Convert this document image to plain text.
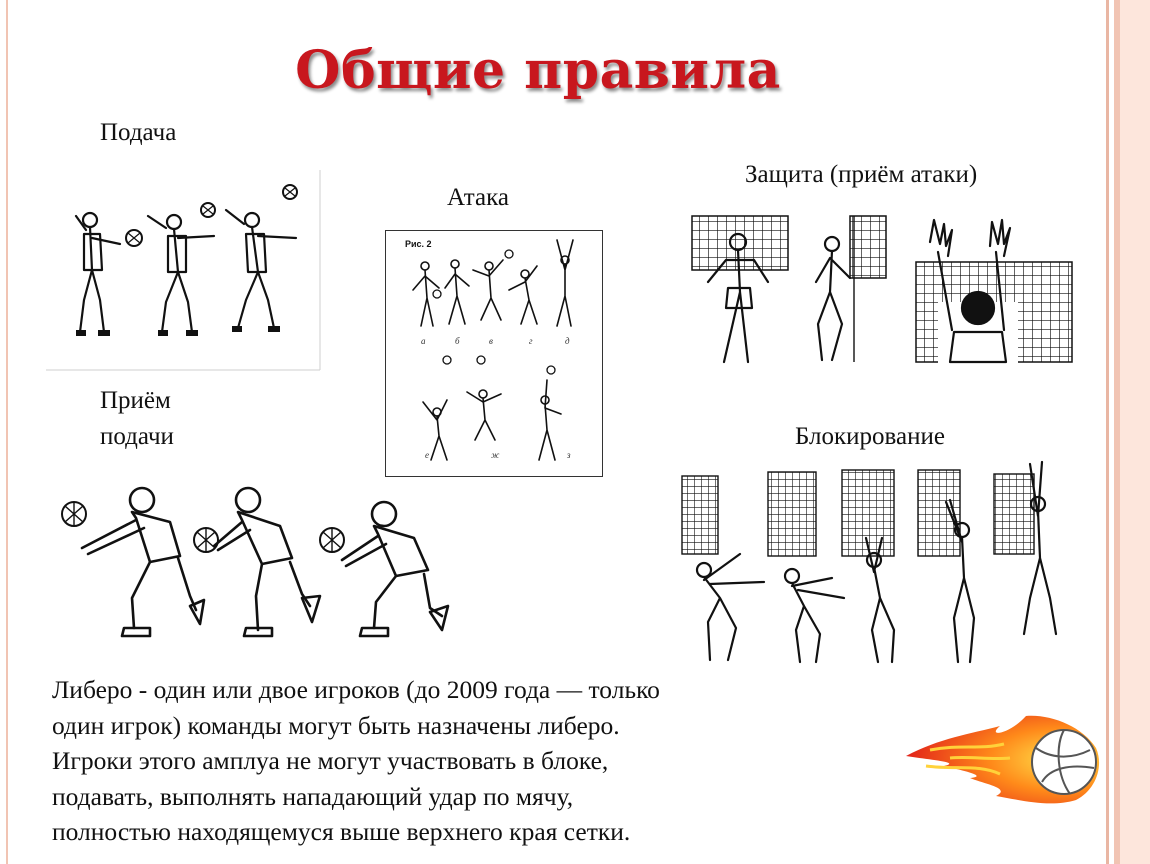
Общие правила
Подача
Атака
Рис. 2
а	б	в	г	д
е	ж	з
Защита (приём атаки)
Приём
подачи	Блокирование
Либеро - один или двое игроков (до 2009 года — только
один игрок) команды могут быть назначены либеро.
Игроки этого амплуа не могут участвовать в блоке,
подавать, выполнять нападающий удар по мячу,
полностью находящемуся выше верхнего края сетки.
